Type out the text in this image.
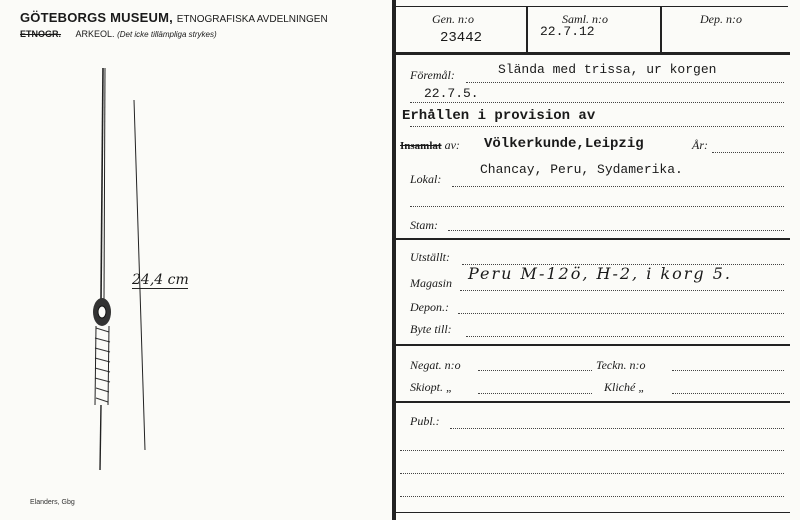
GÖTEBORGS MUSEUM, ETNOGRAFISKA AVDELNINGEN
ETNOGR. ARKEOL. (Det icke tillämpliga strykes)
24,4 cm
Elanders, Gbg
Gen. n:o
23442
Saml. n:o
22.7.12
Dep. n:o
Föremål:	Slända med trissa, ur korgen
22.7.5.
Erhållen i provision av
Insamlat av: Völkerkunde,Leipzig	År:
Lokal:
Chancay, Peru, Sydamerika.
Stam:
Utställt:
Magasin Peru M-12ö, H-2, i korg 5.
Depon.:
Byte till:
Negat. n:o	Teckn. n:o
Skiopt. „	Kliché „
Publ.:
